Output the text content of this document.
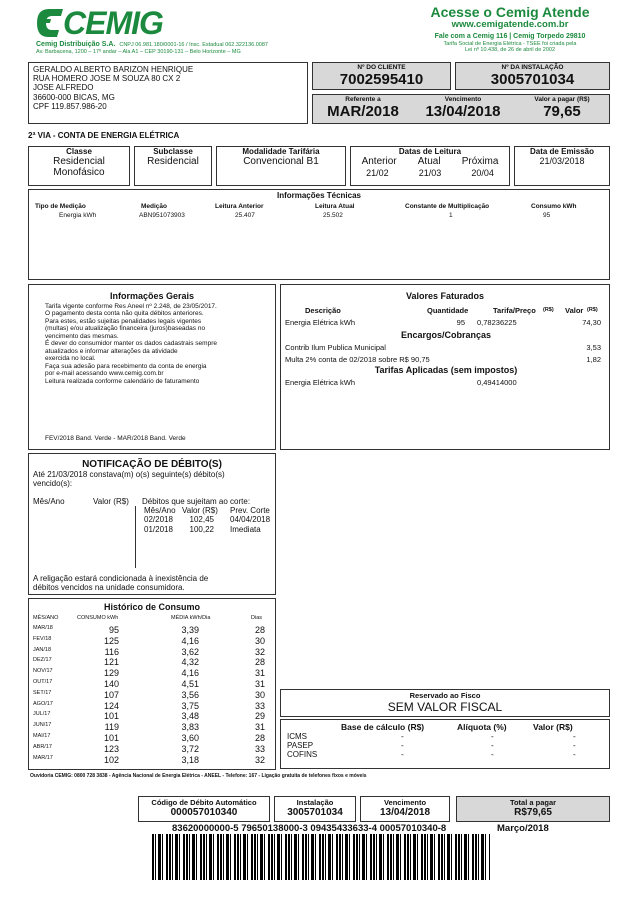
CEMIG
Cemig Distribuição S.A. CNPJ 06.981.180/0001-16 / Insc. Estadual 062.322136.0087
Av. Barbacena, 1200 – 17º andar – Ala A1 – CEP 30190-131 – Belo Horizonte – MG
Acesse o Cemig Atende
www.cemigatende.com.br
Fale com a Cemig 116 | Cemig Torpedo 29810
Tarifa Social de Energia Elétrica - TSEE foi criada pela
Lei nº 10.438, de 26 de abril de 2002
GERALDO ALBERTO BARIZON HENRIQUE
RUA HOMERO JOSE M SOUZA 80 CX 2
JOSE ALFREDO
36600-000 BICAS, MG
CPF 119.857.986-20
Nº DO CLIENTE
7002595410
Nº DA INSTALAÇÃO
3005701034
Referente a
MAR/2018
Vencimento
13/04/2018
Valor a pagar (R$)
79,65
2ª VIA - CONTA DE ENERGIA ELÉTRICA
Classe
Residencial
Monofásico
Subclasse
Residencial
Modalidade Tarifária
Convencional B1
Datas de Leitura
Anterior Atual Próxima
21/02	21/03	20/04
Data de Emissão
21/03/2018
Informações Técnicas
Tipo de Medição	Medição	Leitura Anterior	Leitura Atual	Constante de Multiplicação	Consumo kWh
Energia kWh	ABN951073903	25.407	25.502	1	95
Informações Gerais
Tarifa vigente conforme Res Aneel nº 2.248, de 23/05/2017.
O pagamento desta conta não quita débitos anteriores.
Para estes, estão sujeitas penalidades legais vigentes
(multas) e/ou atualização financeira (juros)baseadas no
vencimento das mesmas.
É dever do consumidor manter os dados cadastrais sempre
atualizados e informar alterações da atividade
exercida no local.
Faça sua adesão para recebimento da conta de energia
por e-mail acessando www.cemig.com.br
Leitura realizada conforme calendário de faturamento
FEV/2018 Band. Verde - MAR/2018 Band. Verde
Valores Faturados
Descrição	Quantidade	Tarifa/Preço (R$) Valor (R$)
Energia Elétrica kWh	95 0,78236225	74,30
Encargos/Cobranças
Contrib Ilum Publica Municipal	3,53
Multa 2% conta de 02/2018 sobre R$ 90,75	1,82
Tarifas Aplicadas (sem impostos)
Energia Elétrica kWh	0,49414000
NOTIFICAÇÃO DE DÉBITO(S)
Até 21/03/2018 constava(m) o(s) seguinte(s) débito(s)
vencido(s):
Mês/Ano	Valor (R$) Débitos que sujeitam ao corte:
Mês/Ano Valor (R$)	Prev. Corte
02/2018	102,45	04/04/2018
01/2018	100,22	Imediata
A religação estará condicionada à inexistência de
débitos vencidos na unidade consumidora.
Histórico de Consumo
MÊS/ANO	CONSUMO kWh	MÉDIA kWh/Dia	Dias
MAR/18	95	3,39	28
FEV/18	125	4,16	30
JAN/18	116	3,62	32
DEZ/17	121	4,32	28
NOV/17	129	4,16	31
OUT/17	140	4,51	31
SET/17	107	3,56	30
AGO/17	124	3,75	33
JUL/17	101	3,48	29
JUN/17	119	3,83	31
MAI/17	101	3,60	28
ABR/17	123	3,72	33
MAR/17	102	3,18	32
Reservado ao Fisco
SEM VALOR FISCAL
Base de cálculo (R$)	Alíquota (%)	Valor (R$)
ICMS	-	-	-
PASEP	-	-	-
COFINS	-	-	-
Ouvidoria CEMIG: 0800 728 3838 - Agência Nacional de Energia Elétrica - ANEEL - Telefone: 167 - Ligação gratuita de telefones fixos e móveis
Código de Débito Automático
000057010340
Instalação
3005701034
Vencimento
13/04/2018
Total a pagar
R$79,65
83620000000-5 79650138000-3 09435433633-4 00057010340-8	Março/2018
